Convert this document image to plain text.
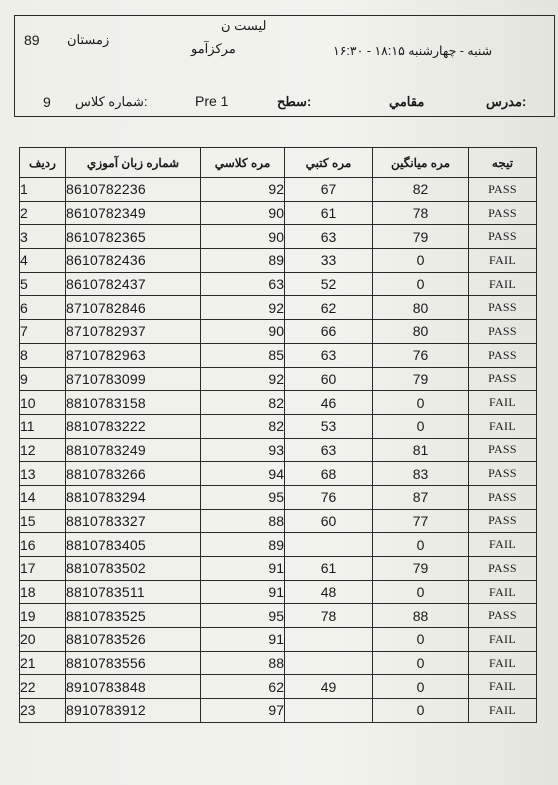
89 زمستان
ليست ن
مركزآمو	شنبه - چهارشنبه ۱۸:۱۵ - ۱۶:۳۰
9 شماره كلاس:	Pre 1	سطح:	مقامي	مدرس:
رديف	شماره زبان آموزي	مره كلاسي	مره كتبي	مره ميانگين	تيجه
1	8610782236	92	67	82	PASS
2	8610782349	90	61	78	PASS
3	8610782365	90	63	79	PASS
4	8610782436	89	33	0	FAIL
5	8610782437	63	52	0	FAIL
6	8710782846	92	62	80	PASS
7	8710782937	90	66	80	PASS
8	8710782963	85	63	76	PASS
9	8710783099	92	60	79	PASS
10	8810783158	82	46	0	FAIL
11	8810783222	82	53	0	FAIL
12	8810783249	93	63	81	PASS
13	8810783266	94	68	83	PASS
14	8810783294	95	76	87	PASS
15	8810783327	88	60	77	PASS
16	8810783405	89		0	FAIL
17	8810783502	91	61	79	PASS
18	8810783511	91	48	0	FAIL
19	8810783525	95	78	88	PASS
20	8810783526	91		0	FAIL
21	8810783556	88		0	FAIL
22	8910783848	62	49	0	FAIL
23	8910783912	97		0	FAIL
